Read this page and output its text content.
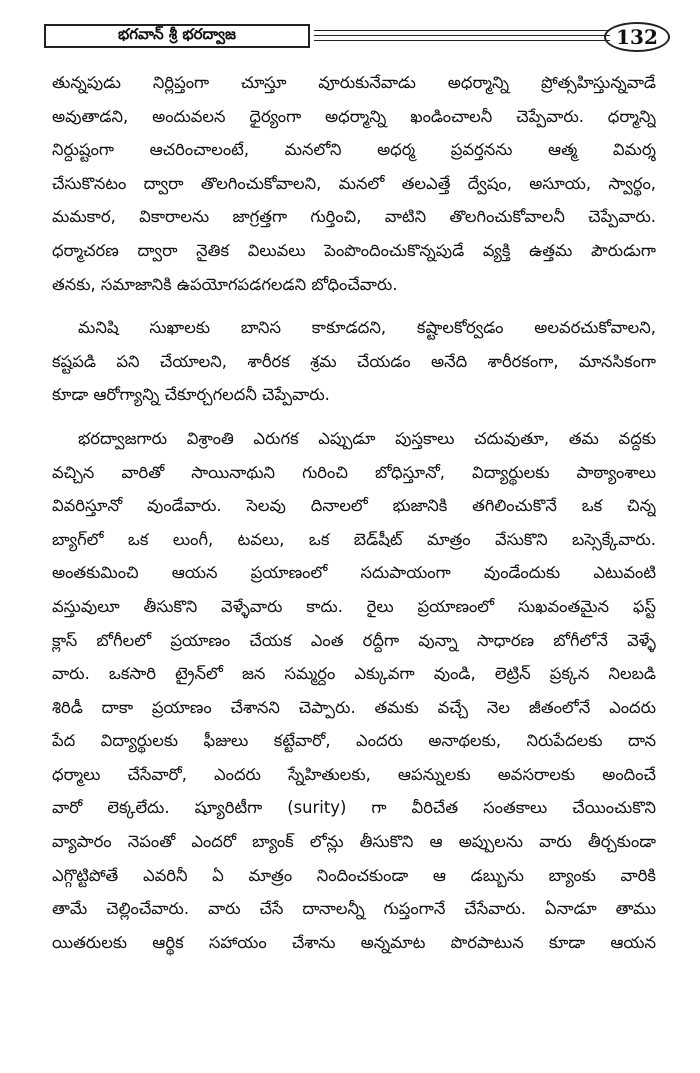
భగవాన్ శ్రీ భరద్వాజ	132
తున్నపుడు నిర్లిప్తంగా చూస్తూ వూరుకునేవాడు అధర్మాన్ని ప్రోత్సహిస్తున్నవాడే
అవుతాడని, అందువలన ధైర్యంగా అధర్మాన్ని ఖండించాలనీ చెప్పేవారు. ధర్మాన్ని
నిర్దుష్టంగా ఆచరించాలంటే, మనలోని అధర్మ ప్రవర్తనను ఆత్మ విమర్శ
చేసుకొనటం ద్వారా తొలగించుకోవాలని, మనలో తలఎత్తే ద్వేషం, అసూయ, స్వార్థం,
మమకార, వికారాలను జాగ్రత్తగా గుర్తించి, వాటిని తొలగించుకోవాలనీ చెప్పేవారు.
ధర్మాచరణ ద్వారా నైతిక విలువలు పెంపొందించుకొన్నపుడే వ్యక్తి ఉత్తమ పౌరుడుగా
తనకు, సమాజానికి ఉపయోగపడగలడని బోధించేవారు.
మనిషి సుఖాలకు బానిస కాకూడదని, కష్టాలకోర్వడం అలవరచుకోవాలని,
కష్టపడి పని చేయాలని, శారీరక శ్రమ చేయడం అనేది శారీరకంగా, మానసికంగా
కూడా ఆరోగ్యాన్ని చేకూర్చగలదనీ చెప్పేవారు.
భరద్వాజగారు విశ్రాంతి ఎరుగక ఎప్పుడూ పుస్తకాలు చదువుతూ, తమ వద్దకు
వచ్చిన వారితో సాయినాథుని గురించి బోధిస్తూనో, విద్యార్థులకు పాఠ్యాంశాలు
వివరిస్తూనో వుండేవారు. సెలవు దినాలలో భుజానికి తగిలించుకొనే ఒక చిన్న
బ్యాగ్‌లో ఒక లుంగీ, టవలు, ఒక బెడ్‌షీట్ మాత్రం వేసుకొని బస్సెక్కేవారు.
అంతకుమించి ఆయన ప్రయాణంలో సదుపాయంగా వుండేందుకు ఎటువంటి
వస్తువులూ తీసుకొని వెళ్ళేవారు కాదు. రైలు ప్రయాణంలో సుఖవంతమైన ఫస్ట్
క్లాస్ బోగీలలో ప్రయాణం చేయక ఎంత రద్దీగా వున్నా సాధారణ బోగీలోనే వెళ్ళే
వారు. ఒకసారి ట్రైన్‌లో జన సమ్మర్దం ఎక్కువగా వుండి, లెట్రిన్ ప్రక్కన నిలబడి
శిరిడీ దాకా ప్రయాణం చేశానని చెప్పారు. తమకు వచ్చే నెల జీతంలోనే ఎందరు
పేద విద్యార్థులకు ఫీజులు కట్టేవారో, ఎందరు అనాథలకు, నిరుపేదలకు దాన
ధర్మాలు చేసేవారో, ఎందరు స్నేహితులకు, ఆపన్నులకు అవసరాలకు అందించే
వారో లెక్కలేదు. ష్యూరిటీగా (surity) గా వీరిచేత సంతకాలు చేయించుకొని
వ్యాపారం నెపంతో ఎందరో బ్యాంక్ లోన్లు తీసుకొని ఆ అప్పులను వారు తీర్చకుండా
ఎగ్గొట్టిపోతే ఎవరినీ ఏ మాత్రం నిందించకుండా ఆ డబ్బును బ్యాంకు వారికి
తామే చెల్లించేవారు. వారు చేసే దానాలన్నీ గుప్తంగానే చేసేవారు. ఏనాడూ తాము
యితరులకు ఆర్థిక సహాయం చేశాను అన్నమాట పొరపాటున కూడా ఆయన
